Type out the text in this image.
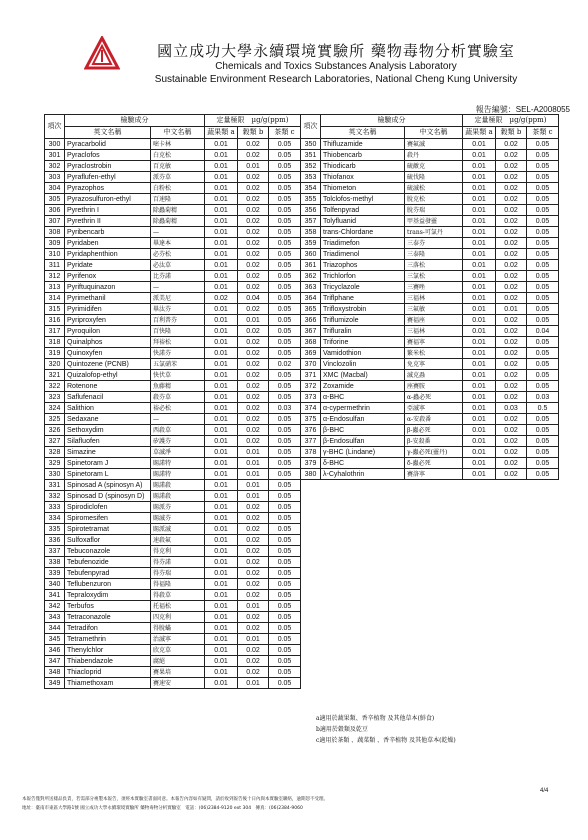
國立成功大學永續環境實驗所 藥物毒物分析實驗室
Chemicals and Toxics Substances Analysis Laboratory
Sustainable Environment Research Laboratories, National Cheng Kung University
報告編號：SEL-A2008055
項次	檢驗成分		定量極限　µg/g(ppm)		
	英文名稱	中文名稱	蔬果類 a	穀類 b	茶類 c
300	Pyracarbolid	嘧卡林	0.01	0.02	0.05
301	Pyraclofos	白克松	0.01	0.02	0.05
302	Pyraclostrobin	百克敏	0.01	0.01	0.05
303	Pyraflufen-ethyl	派芬草	0.01	0.02	0.05
304	Pyrazophos	白粉松	0.01	0.02	0.05
305	Pyrazosulfuron-ethyl	百速隆	0.01	0.02	0.05
306	Pyrethrin I	除蟲菊精	0.01	0.02	0.05
307	Pyrethrin II	除蟲菊精	0.01	0.02	0.05
308	Pyribencarb	—	0.01	0.02	0.05
309	Pyridaben	畢達本	0.01	0.02	0.05
310	Pyridaphenthion	必芬松	0.01	0.02	0.05
311	Pyridate	必汰草	0.01	0.02	0.05
312	Pyrifenox	比芬諾	0.01	0.02	0.05
313	Pyriftuquinazon	—	0.01	0.02	0.05
314	Pyrimethanil	派美尼	0.02	0.04	0.05
315	Pyrimidifen	畢汰芬	0.01	0.02	0.05
316	Pyriproxyfen	百利普芬	0.01	0.01	0.05
317	Pyroquilon	百快隆	0.01	0.02	0.05
318	Quinalphos	拜裕松	0.01	0.02	0.05
319	Quinoxyfen	快諾芬	0.01	0.02	0.05
320	Quintozene (PCNB)	五氯硝苯	0.01	0.02	0.02
321	Quizalofop-ethyl	快伏草	0.01	0.02	0.05
322	Rotenone	魚藤精	0.01	0.02	0.05
323	Saflufenacil	殺芬草	0.01	0.02	0.05
324	Salithion	裕必松	0.01	0.02	0.03
325	Sedaxane	—	0.01	0.02	0.05
326	Sethoxydim	西殺草	0.01	0.02	0.05
327	Silafluofen	矽護芬	0.01	0.02	0.05
328	Simazine	草滅淨	0.01	0.01	0.05
329	Spinetoram J	賜諾特	0.01	0.01	0.05
330	Spinetoram L	賜諾特	0.01	0.01	0.05
331	Spinosad A (spinosyn A)	賜諾殺	0.01	0.01	0.05
332	Spinosad D (spinosyn D)	賜諾殺	0.01	0.01	0.05
333	Spirodiclofen	賜派芬	0.01	0.02	0.05
334	Spiromesifen	賜滅芬	0.01	0.02	0.05
335	Spirotetramat	賜派滅	0.01	0.02	0.05
336	Sulfoxaflor	速殺氟	0.01	0.02	0.05
337	Tebuconazole	得克利	0.01	0.02	0.05
338	Tebufenozide	得芬諾	0.01	0.02	0.05
339	Tebufenpyrad	得芬瑞	0.01	0.02	0.05
340	Teflubenzuron	得福隆	0.01	0.02	0.05
341	Tepraloxydim	得殺草	0.01	0.02	0.05
342	Terbufos	托福松	0.01	0.01	0.05
343	Tetraconazole	四克利	0.01	0.02	0.05
344	Tetradifon	得脫蟎	0.01	0.02	0.05
345	Tetramethrin	治滅寧	0.01	0.01	0.05
346	Thenylchlor	欣克草	0.01	0.02	0.05
347	Thiabendazole	腐絕	0.01	0.02	0.05
348	Thiacloprid	賽果培	0.01	0.02	0.05
349	Thiamethoxam	賽速安	0.01	0.01	0.05
項次	檢驗成分		定量極限　µg/g(ppm)		
	英文名稱	中文名稱	蔬果類 a	穀類 b	茶類 c
350	Thifluzamide	賽氟滅	0.01	0.02	0.05
351	Thiobencarb	殺丹	0.01	0.02	0.05
352	Thiodicarb	硫敵克	0.01	0.02	0.05
353	Thiofanox	硫伐隆	0.01	0.02	0.05
354	Thiometon	硫滅松	0.01	0.02	0.05
355	Tolclofos-methyl	脫克松	0.01	0.02	0.05
356	Tolfenpyrad	脫芬瑞	0.01	0.02	0.05
357	Tolyfluanid	甲基益發靈	0.01	0.02	0.05
358	trans-Chlordane	trans-可氯丹	0.01	0.02	0.05
359	Triadimefon	三泰芬	0.01	0.02	0.05
360	Triadimenol	三泰隆	0.01	0.02	0.05
361	Triazophos	三落松	0.01	0.02	0.05
362	Trichlorfon	三氯松	0.01	0.02	0.05
363	Tricyclazole	三賽唑	0.01	0.02	0.05
364	Triflphane	三福林	0.01	0.02	0.05
365	Trifloxystrobin	三氟敏	0.01	0.01	0.05
366	Triflumizole	賽福座	0.01	0.02	0.05
367	Trifluralin	三福林	0.01	0.02	0.04
368	Triforine	賽福寧	0.01	0.02	0.05
369	Vamidothion	繁米松	0.01	0.02	0.05
370	Vinclozolin	免克寧	0.01	0.02	0.05
371	XMC (Macbal)	滅克蝨	0.01	0.02	0.05
372	Zoxamide	座賽胺	0.01	0.02	0.05
373	α-BHC	α-蟲必死	0.01	0.02	0.03
374	α-cypermethrin	亞滅寧	0.01	0.03	0.5
375	α-Endosulfan	α-安殺番	0.01	0.02	0.05
376	β-BHC	β-蟲必死	0.01	0.02	0.05
377	β-Endosulfan	β-安殺番	0.01	0.02	0.05
378	γ-BHC (Lindane)	γ-蟲必死(靈丹)	0.01	0.02	0.05
379	δ-BHC	δ-蟲必死	0.01	0.02	0.05
380	λ-Cyhalothrin	賽洛寧	0.01	0.02	0.05
a適用於蔬果類、香辛植物 及其他草本(鮮食)
b適用於穀類及乾豆
c適用於茶類 、蔬菜類 、香辛植物 及其他草本(乾燥)
4/4
本報告僅對所送樣品負責，若需部分複製本報告，須經本實驗室書面同意。本報告內容如有疑問，請於收到報告後十日內與本實驗室聯絡，逾期恕不受理。
地址：臺南市東區大學路1號 國立成功大學永續環境實驗所 藥物毒物分析實驗室　電話：(06)2384-9120 ext 304　傳真：(06)2384-9060
